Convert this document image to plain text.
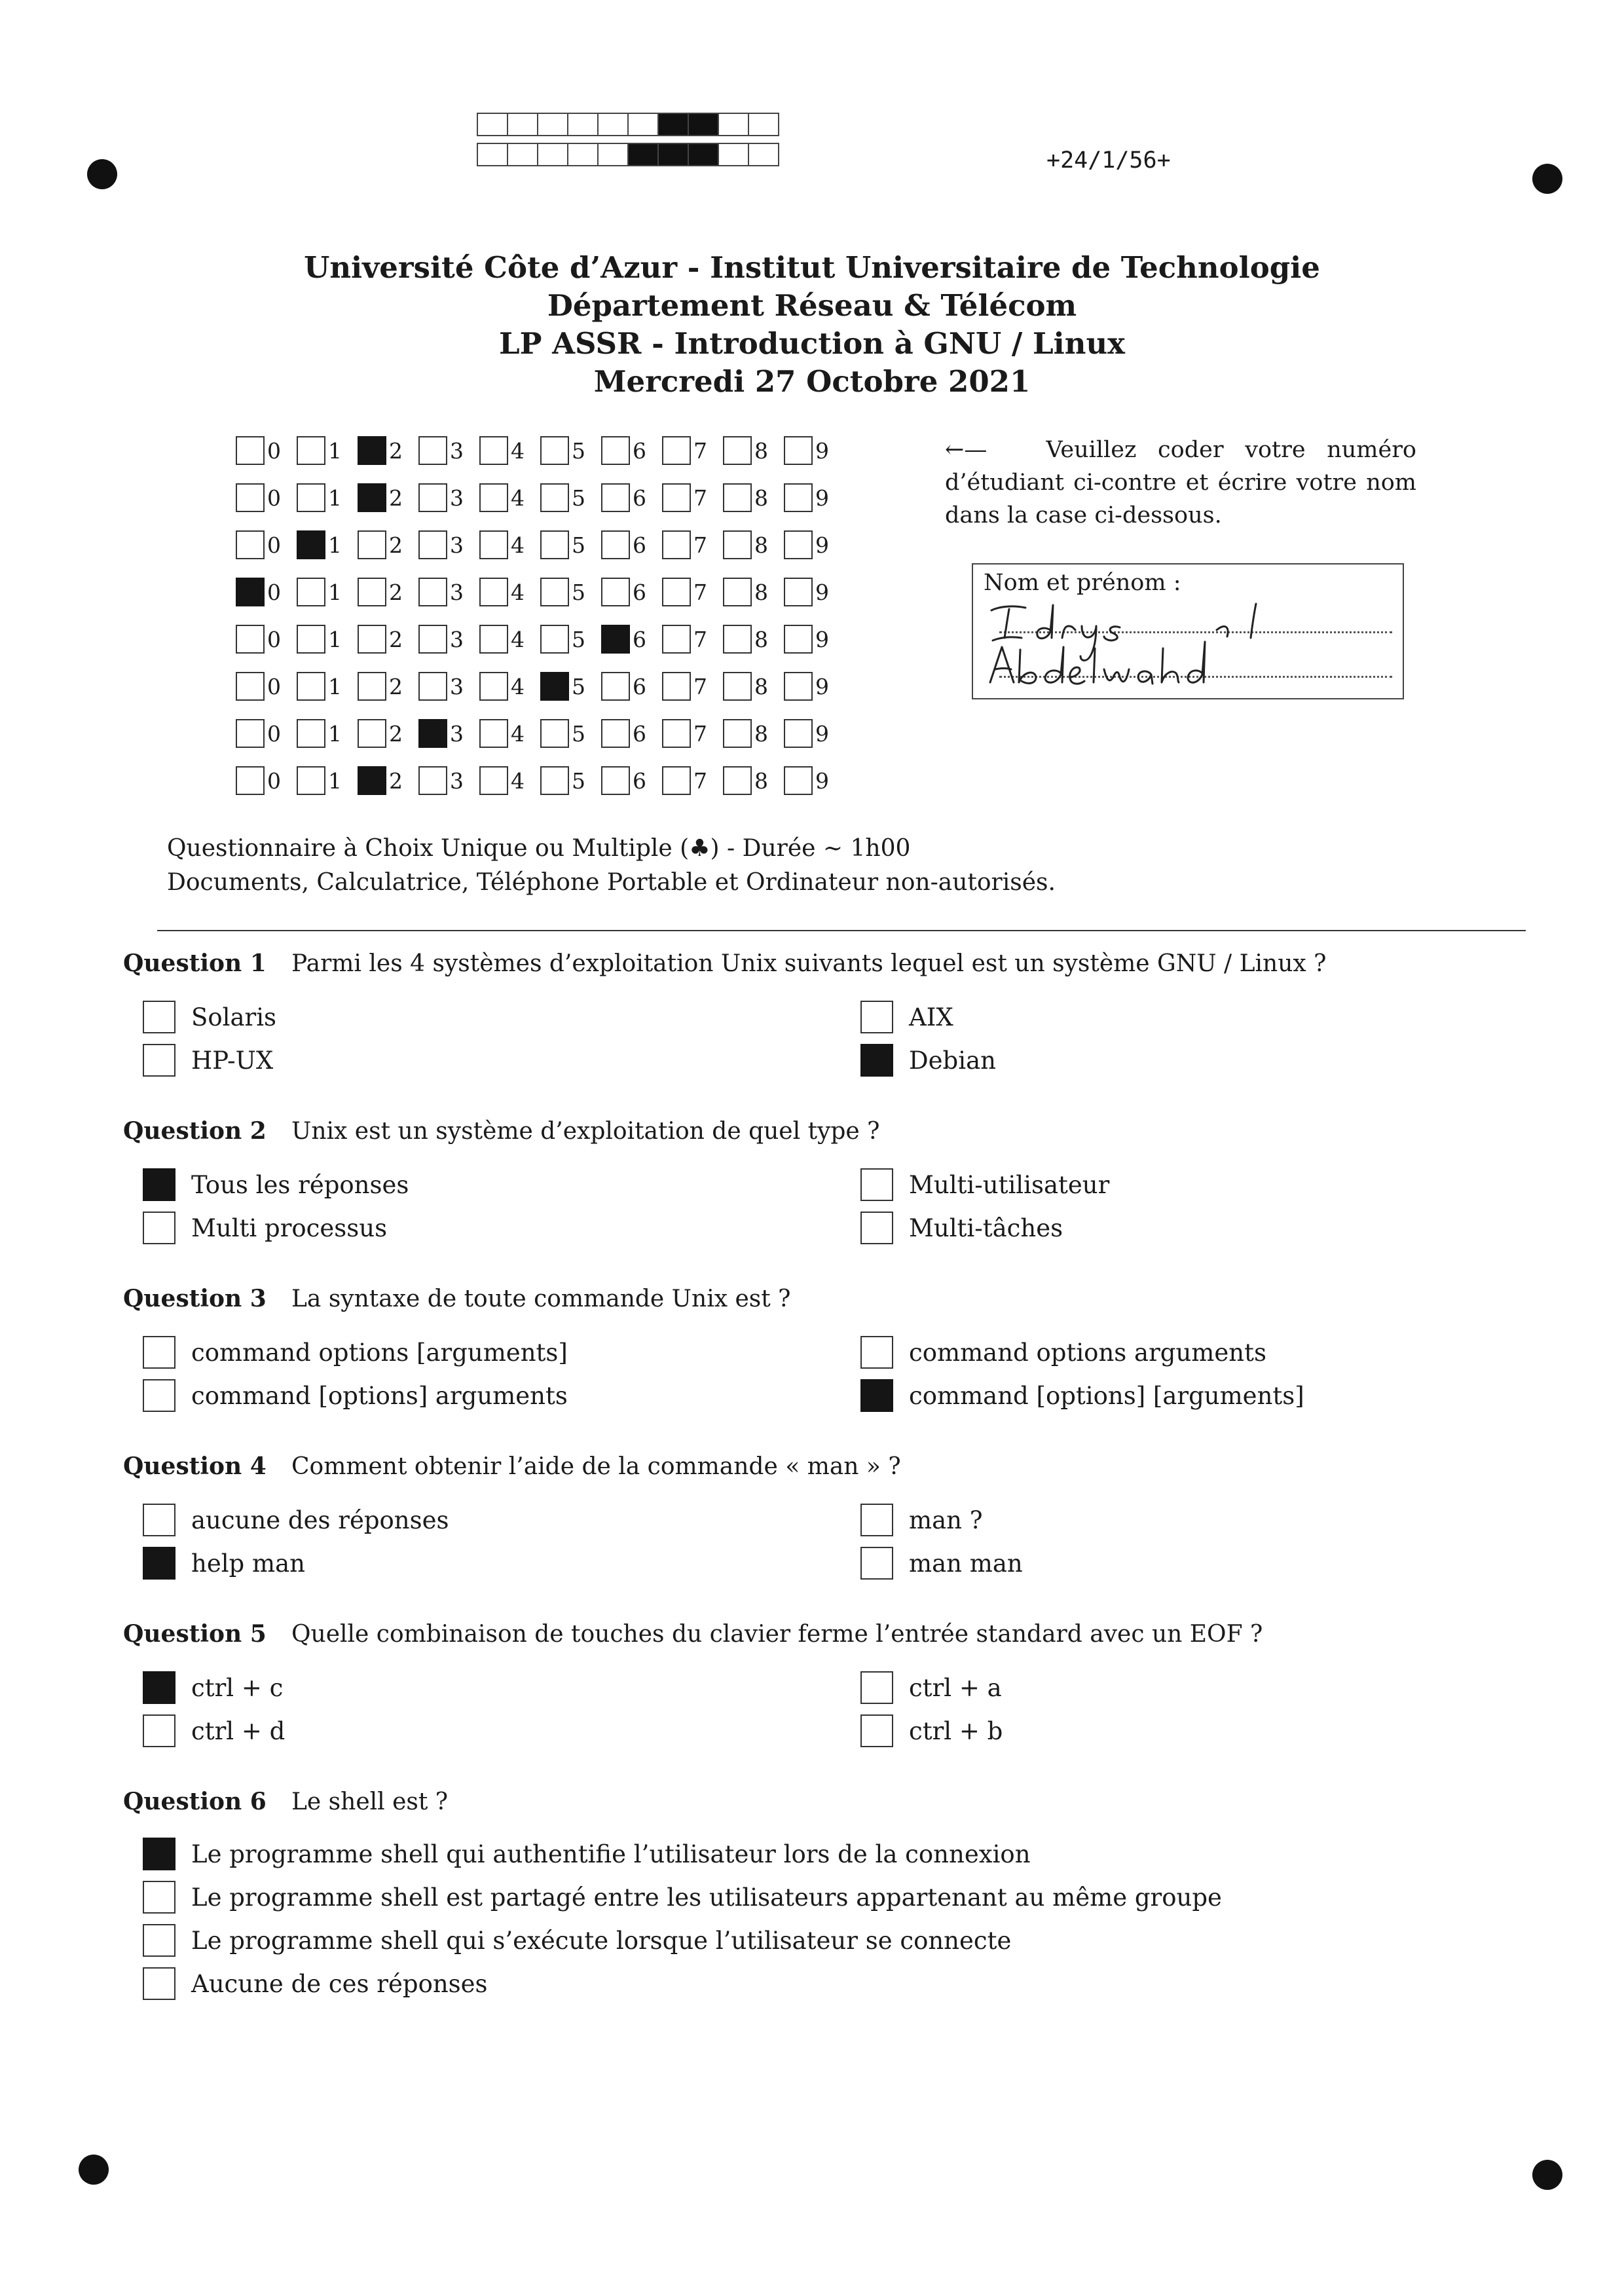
+24/1/56+
Université Côte d’Azur - Institut Universitaire de Technologie
Département Réseau & Télécom
LP ASSR - Introduction à GNU / Linux
Mercredi 27 Octobre 2021
0 1 2 3 4 5 6 7 8 9
0 1 2 3 4 5 6 7 8 9
0 1 2 3 4 5 6 7 8 9
0 1 2 3 4 5 6 7 8 9
0 1 2 3 4 5 6 7 8 9
0 1 2 3 4 5 6 7 8 9
0 1 2 3 4 5 6 7 8 9
0 1 2 3 4 5 6 7 8 9
←—	Veuillez coder votre numéro d’étudiant ci-contre et écrire votre nom dans la case ci-dessous.
Nom et prénom :
Questionnaire à Choix Unique ou Multiple (♣) - Durée ∼ 1h00
Documents, Calculatrice, Téléphone Portable et Ordinateur non-autorisés.
Question 1	Parmi les 4 systèmes d’exploitation Unix suivants lequel est un système GNU / Linux ?
Solaris
HP-UX
AIX
Debian
Question 2	Unix est un système d’exploitation de quel type ?
Tous les réponses
Multi processus
Multi-utilisateur
Multi-tâches
Question 3	La syntaxe de toute commande Unix est ?
command options [arguments]
command [options] arguments
command options arguments
command [options] [arguments]
Question 4	Comment obtenir l’aide de la commande « man » ?
aucune des réponses
help man
man ?
man man
Question 5	Quelle combinaison de touches du clavier ferme l’entrée standard avec un EOF ?
ctrl + c
ctrl + d
ctrl + a
ctrl + b
Question 6	Le shell est ?
Le programme shell qui authentifie l’utilisateur lors de la connexion
Le programme shell est partagé entre les utilisateurs appartenant au même groupe
Le programme shell qui s’exécute lorsque l’utilisateur se connecte
Aucune de ces réponses
